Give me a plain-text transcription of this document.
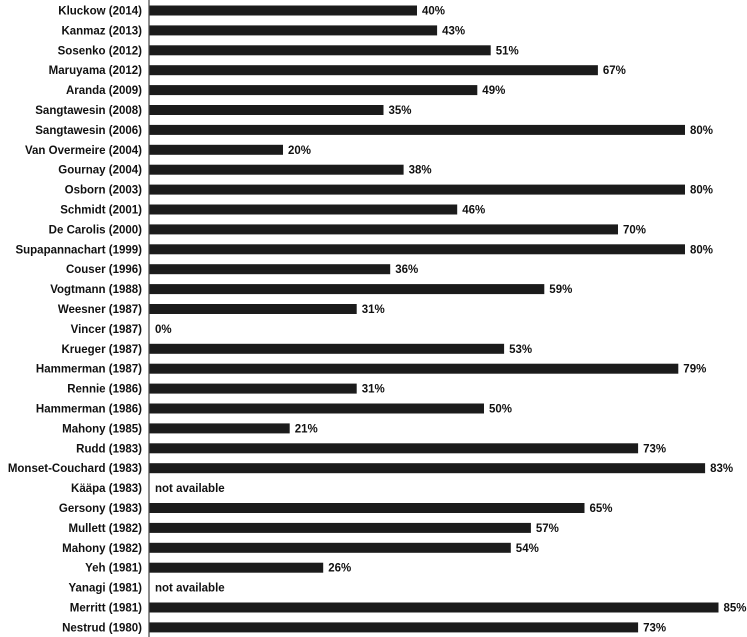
Kluckow (2014)
Kanmaz (2013)
Sosenko (2012)
Maruyama (2012)
Aranda (2009)
Sangtawesin (2008)
Sangtawesin (2006)
Van Overmeire (2004)
Gournay (2004)
Osborn (2003)
Schmidt (2001)
De Carolis (2000)
Supapannachart (1999)
Couser (1996)
Vogtmann (1988)
Weesner (1987)
Vincer (1987)
Krueger (1987)
Hammerman (1987)
Rennie (1986)
Hammerman (1986)
Mahony (1985)
Rudd (1983)
Monset-Couchard (1983)
Kääpa (1983)
Gersony (1983)
Mullett (1982)
Mahony (1982)
Yeh (1981)
Yanagi (1981)
Merritt (1981)
Nestrud (1980)
40%
43%
51%
67%
49%
35%
80%
20%
38%
80%
46%
70%
80%
36%
59%
31%
0%
53%
79%
31%
50%
21%
73%
83%
not available
65%
57%
54%
26%
not available
85%
73%
